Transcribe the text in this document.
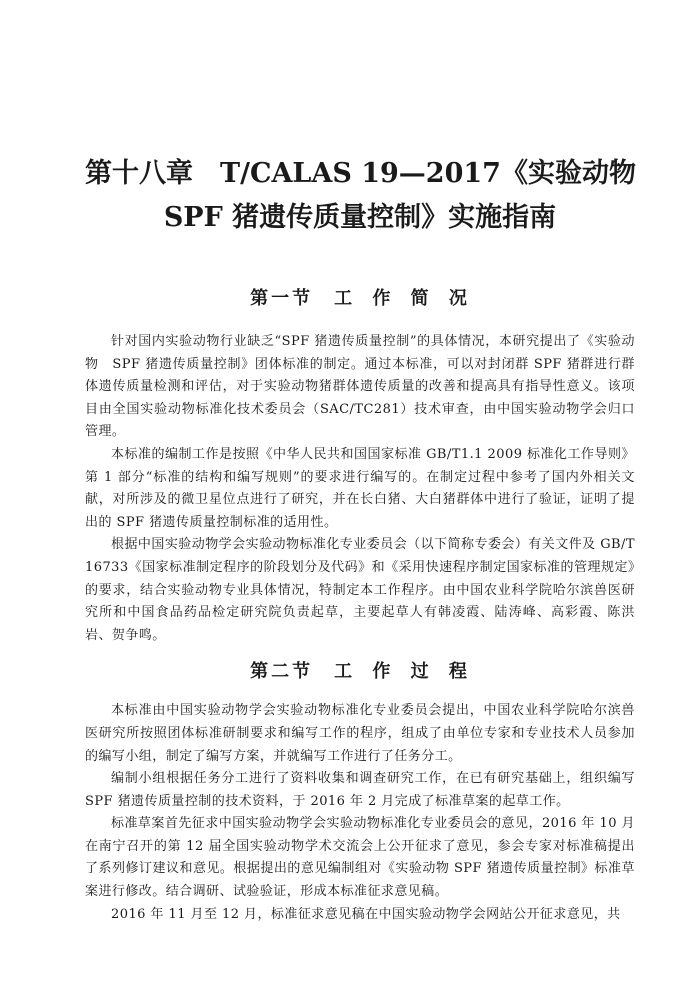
第十八章　T/CALAS 19—2017《实验动物
SPF 猪遗传质量控制》实施指南
第一节　工 作 简 况

针对国内实验动物行业缺乏“SPF 猪遗传质量控制”的具体情况，本研究提出了《实验动物　SPF 猪遗传质量控制》团体标准的制定。通过本标准，可以对封闭群 SPF 猪群进行群体遗传质量检测和评估，对于实验动物猪群体遗传质量的改善和提高具有指导性意义。该项目由全国实验动物标准化技术委员会（SAC/TC281）技术审查，由中国实验动物学会归口管理。

本标准的编制工作是按照《中华人民共和国国家标准 GB/T1.1 2009 标准化工作导则》第 1 部分“标准的结构和编写规则”的要求进行编写的。在制定过程中参考了国内外相关文献，对所涉及的微卫星位点进行了研究，并在长白猪、大白猪群体中进行了验证，证明了提出的 SPF 猪遗传质量控制标准的适用性。

根据中国实验动物学会实验动物标准化专业委员会（以下简称专委会）有关文件及 GB/T 16733《国家标准制定程序的阶段划分及代码》和《采用快速程序制定国家标准的管理规定》的要求，结合实验动物专业具体情况，特制定本工作程序。由中国农业科学院哈尔滨兽医研究所和中国食品药品检定研究院负责起草，主要起草人有韩凌霞、陆涛峰、高彩霞、陈洪岩、贺争鸣。

第二节　工 作 过 程

本标准由中国实验动物学会实验动物标准化专业委员会提出，中国农业科学院哈尔滨兽医研究所按照团体标准研制要求和编写工作的程序，组成了由单位专家和专业技术人员参加的编写小组，制定了编写方案，并就编写工作进行了任务分工。

编制小组根据任务分工进行了资料收集和调查研究工作，在已有研究基础上，组织编写 SPF 猪遗传质量控制的技术资料，于 2016 年 2 月完成了标准草案的起草工作。

标准草案首先征求中国实验动物学会实验动物标准化专业委员会的意见，2016 年 10 月在南宁召开的第 12 届全国实验动物学术交流会上公开征求了意见，参会专家对标准稿提出了系列修订建议和意见。根据提出的意见编制组对《实验动物 SPF 猪遗传质量控制》标准草案进行修改。结合调研、试验验证，形成本标准征求意见稿。

2016 年 11 月至 12 月，标准征求意见稿在中国实验动物学会网站公开征求意见，共
